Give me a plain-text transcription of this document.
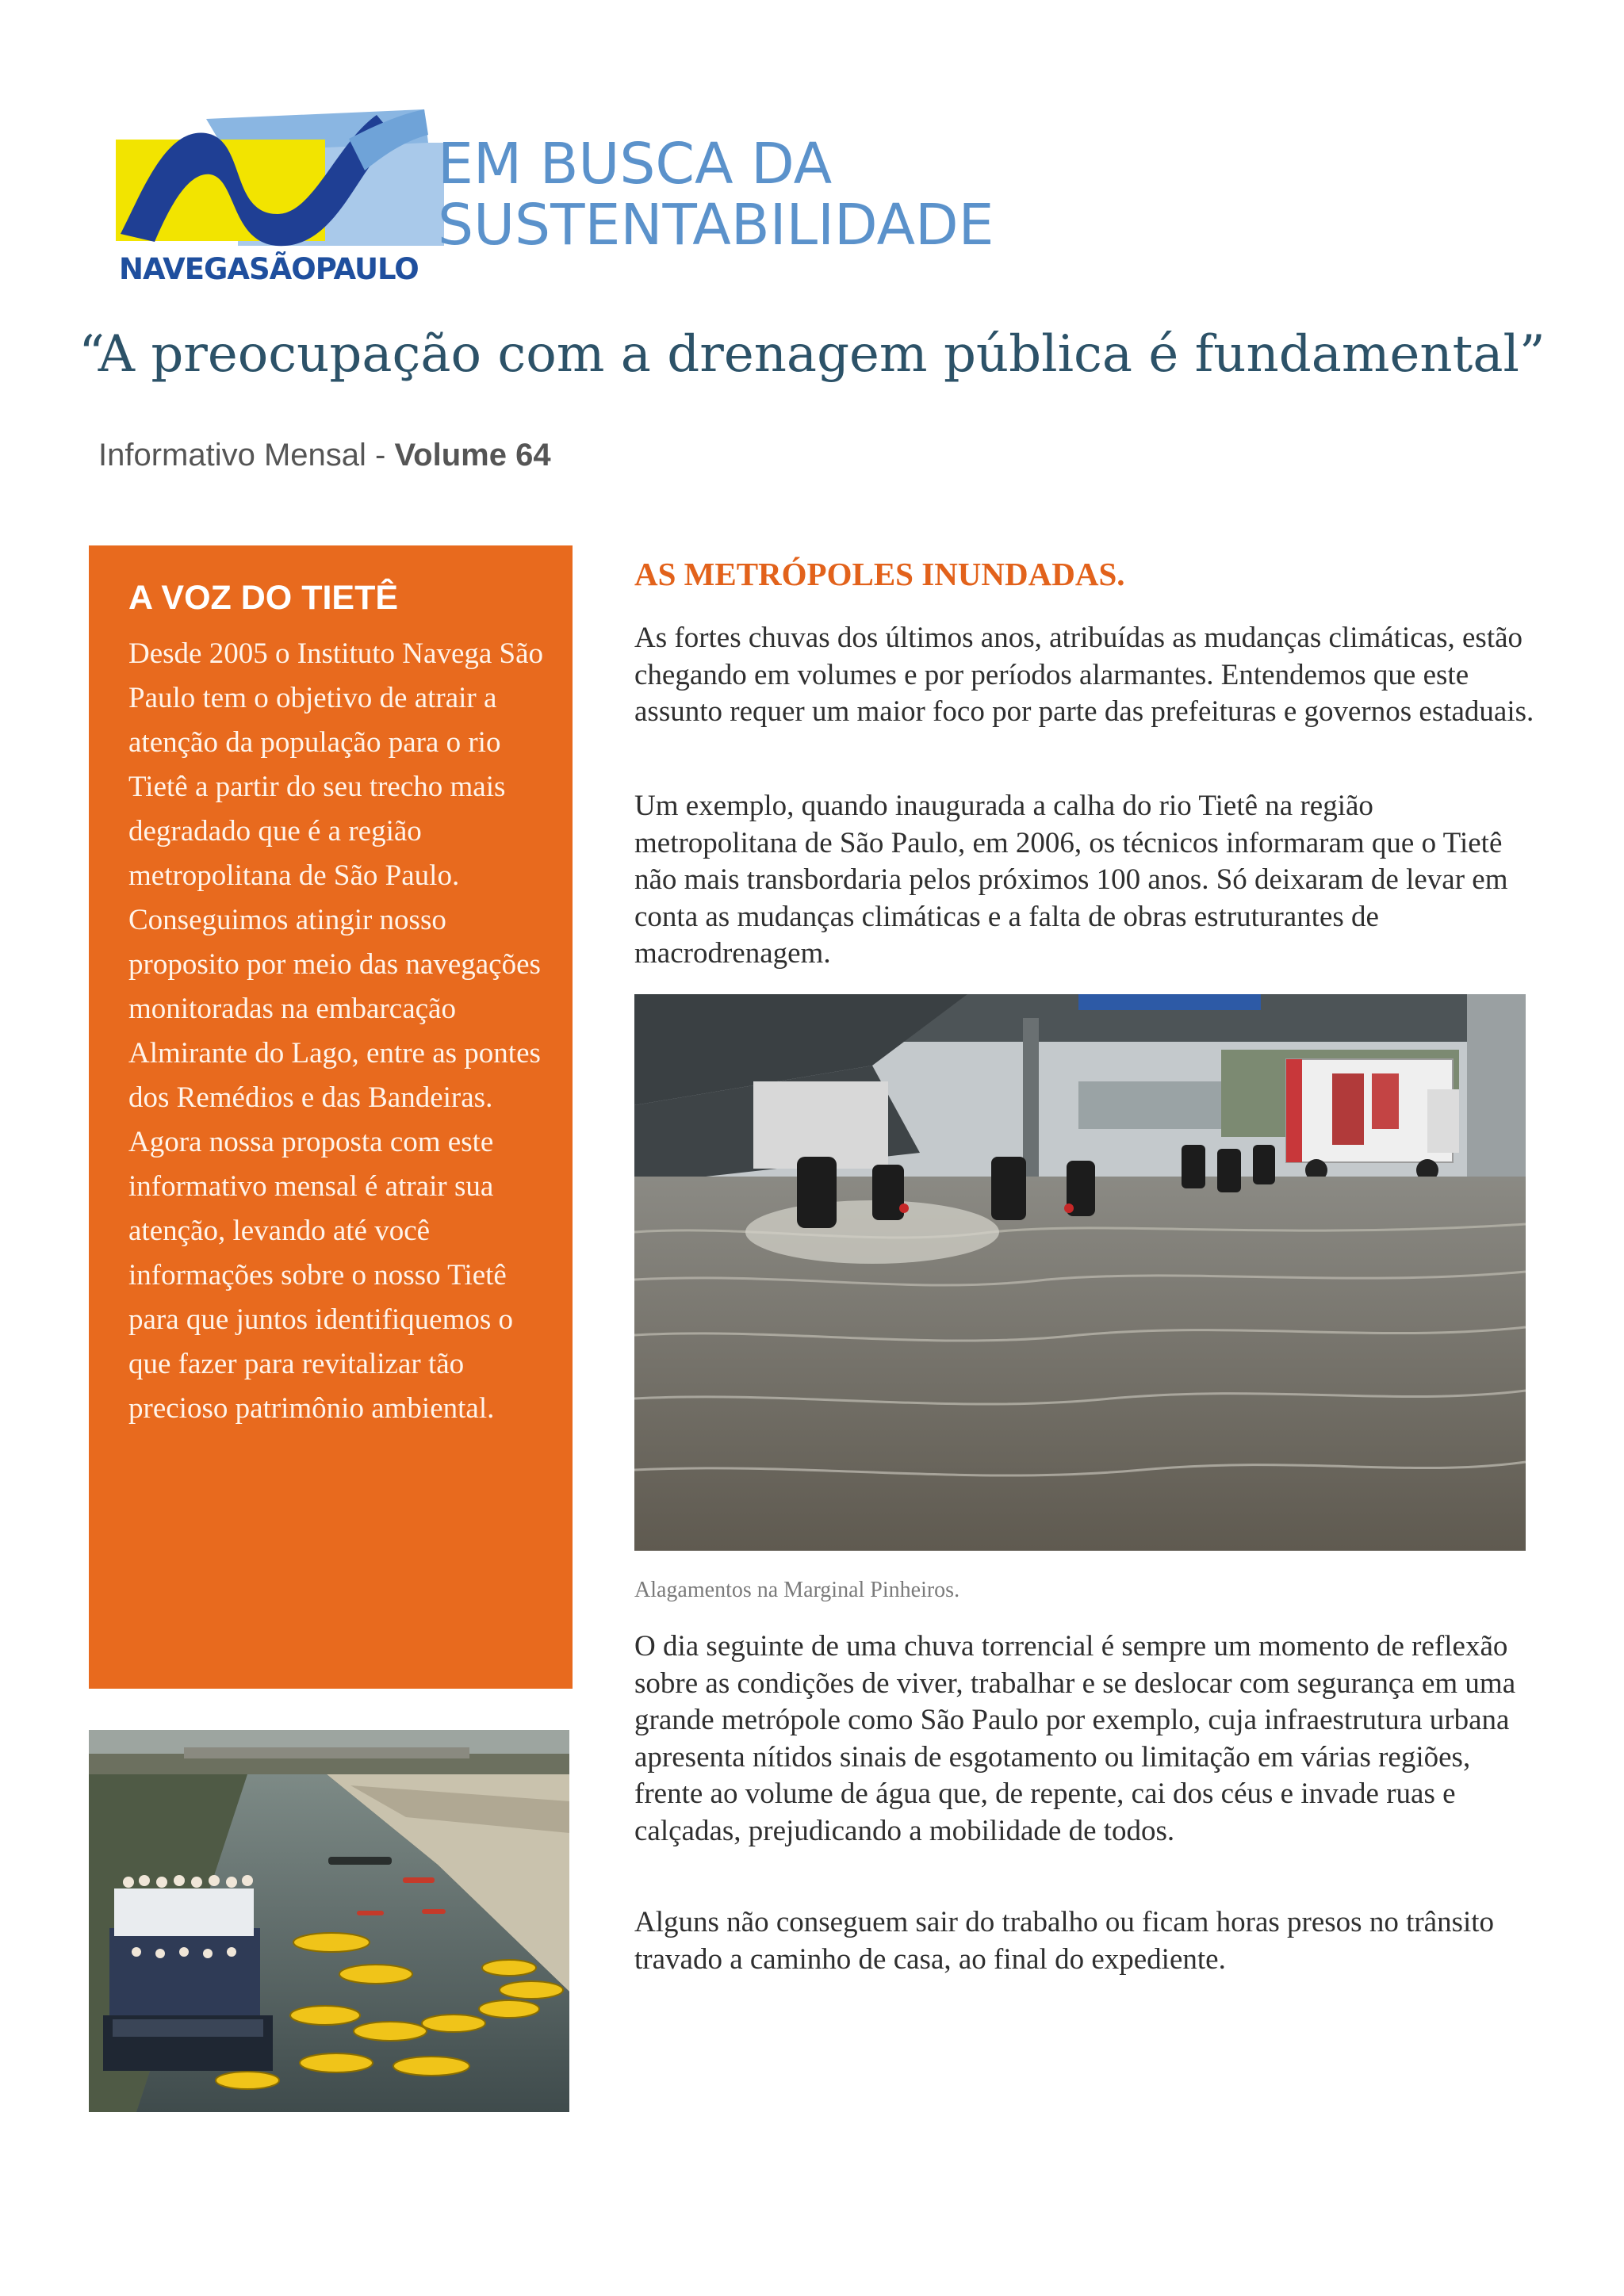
EM BUSCA DA
SUSTENTABILIDADE
NAVEGASÃOPAULO
“A preocupação com a drenagem pública é fundamental”
Informativo Mensal - Volume 64
A VOZ DO TIETÊ

Desde 2005 o Instituto Navega São Paulo tem o objetivo de atrair a atenção da população para o rio Tietê a partir do seu trecho mais degradado que é a região metropolitana de São Paulo. Conseguimos atingir nosso proposito por meio das navegações monitoradas na embarcação Almirante do Lago, entre as pontes dos Remédios e das Bandeiras. Agora nossa proposta com este informativo mensal é atrair sua atenção, levando até você informações sobre o nosso Tietê para que juntos identifiquemos o que fazer para revitalizar tão precioso patrimônio ambiental.

AS METRÓPOLES INUNDADAS.

As fortes chuvas dos últimos anos, atribuídas as mudanças climáticas, estão chegando em volumes e por períodos alarmantes. Entendemos que este assunto requer um maior foco por parte das prefeituras e governos estaduais.

Um exemplo, quando inaugurada a calha do rio Tietê na região metropolitana de São Paulo, em 2006, os técnicos informaram que o Tietê não mais transbordaria pelos próximos 100 anos. Só deixaram de levar em conta as mudanças climáticas e a falta de obras estruturantes de macrodrenagem.

Alagamentos na Marginal Pinheiros.

O dia seguinte de uma chuva torrencial é sempre um momento de reflexão sobre as condições de viver, trabalhar e se deslocar com segurança em uma grande metrópole como São Paulo por exemplo, cuja infraestrutura urbana apresenta nítidos sinais de esgotamento ou limitação em várias regiões, frente ao volume de água que, de repente, cai dos céus e invade ruas e calçadas, prejudicando a mobilidade de todos.

Alguns não conseguem sair do trabalho ou ficam horas presos no trânsito travado a caminho de casa, ao final do expediente.
